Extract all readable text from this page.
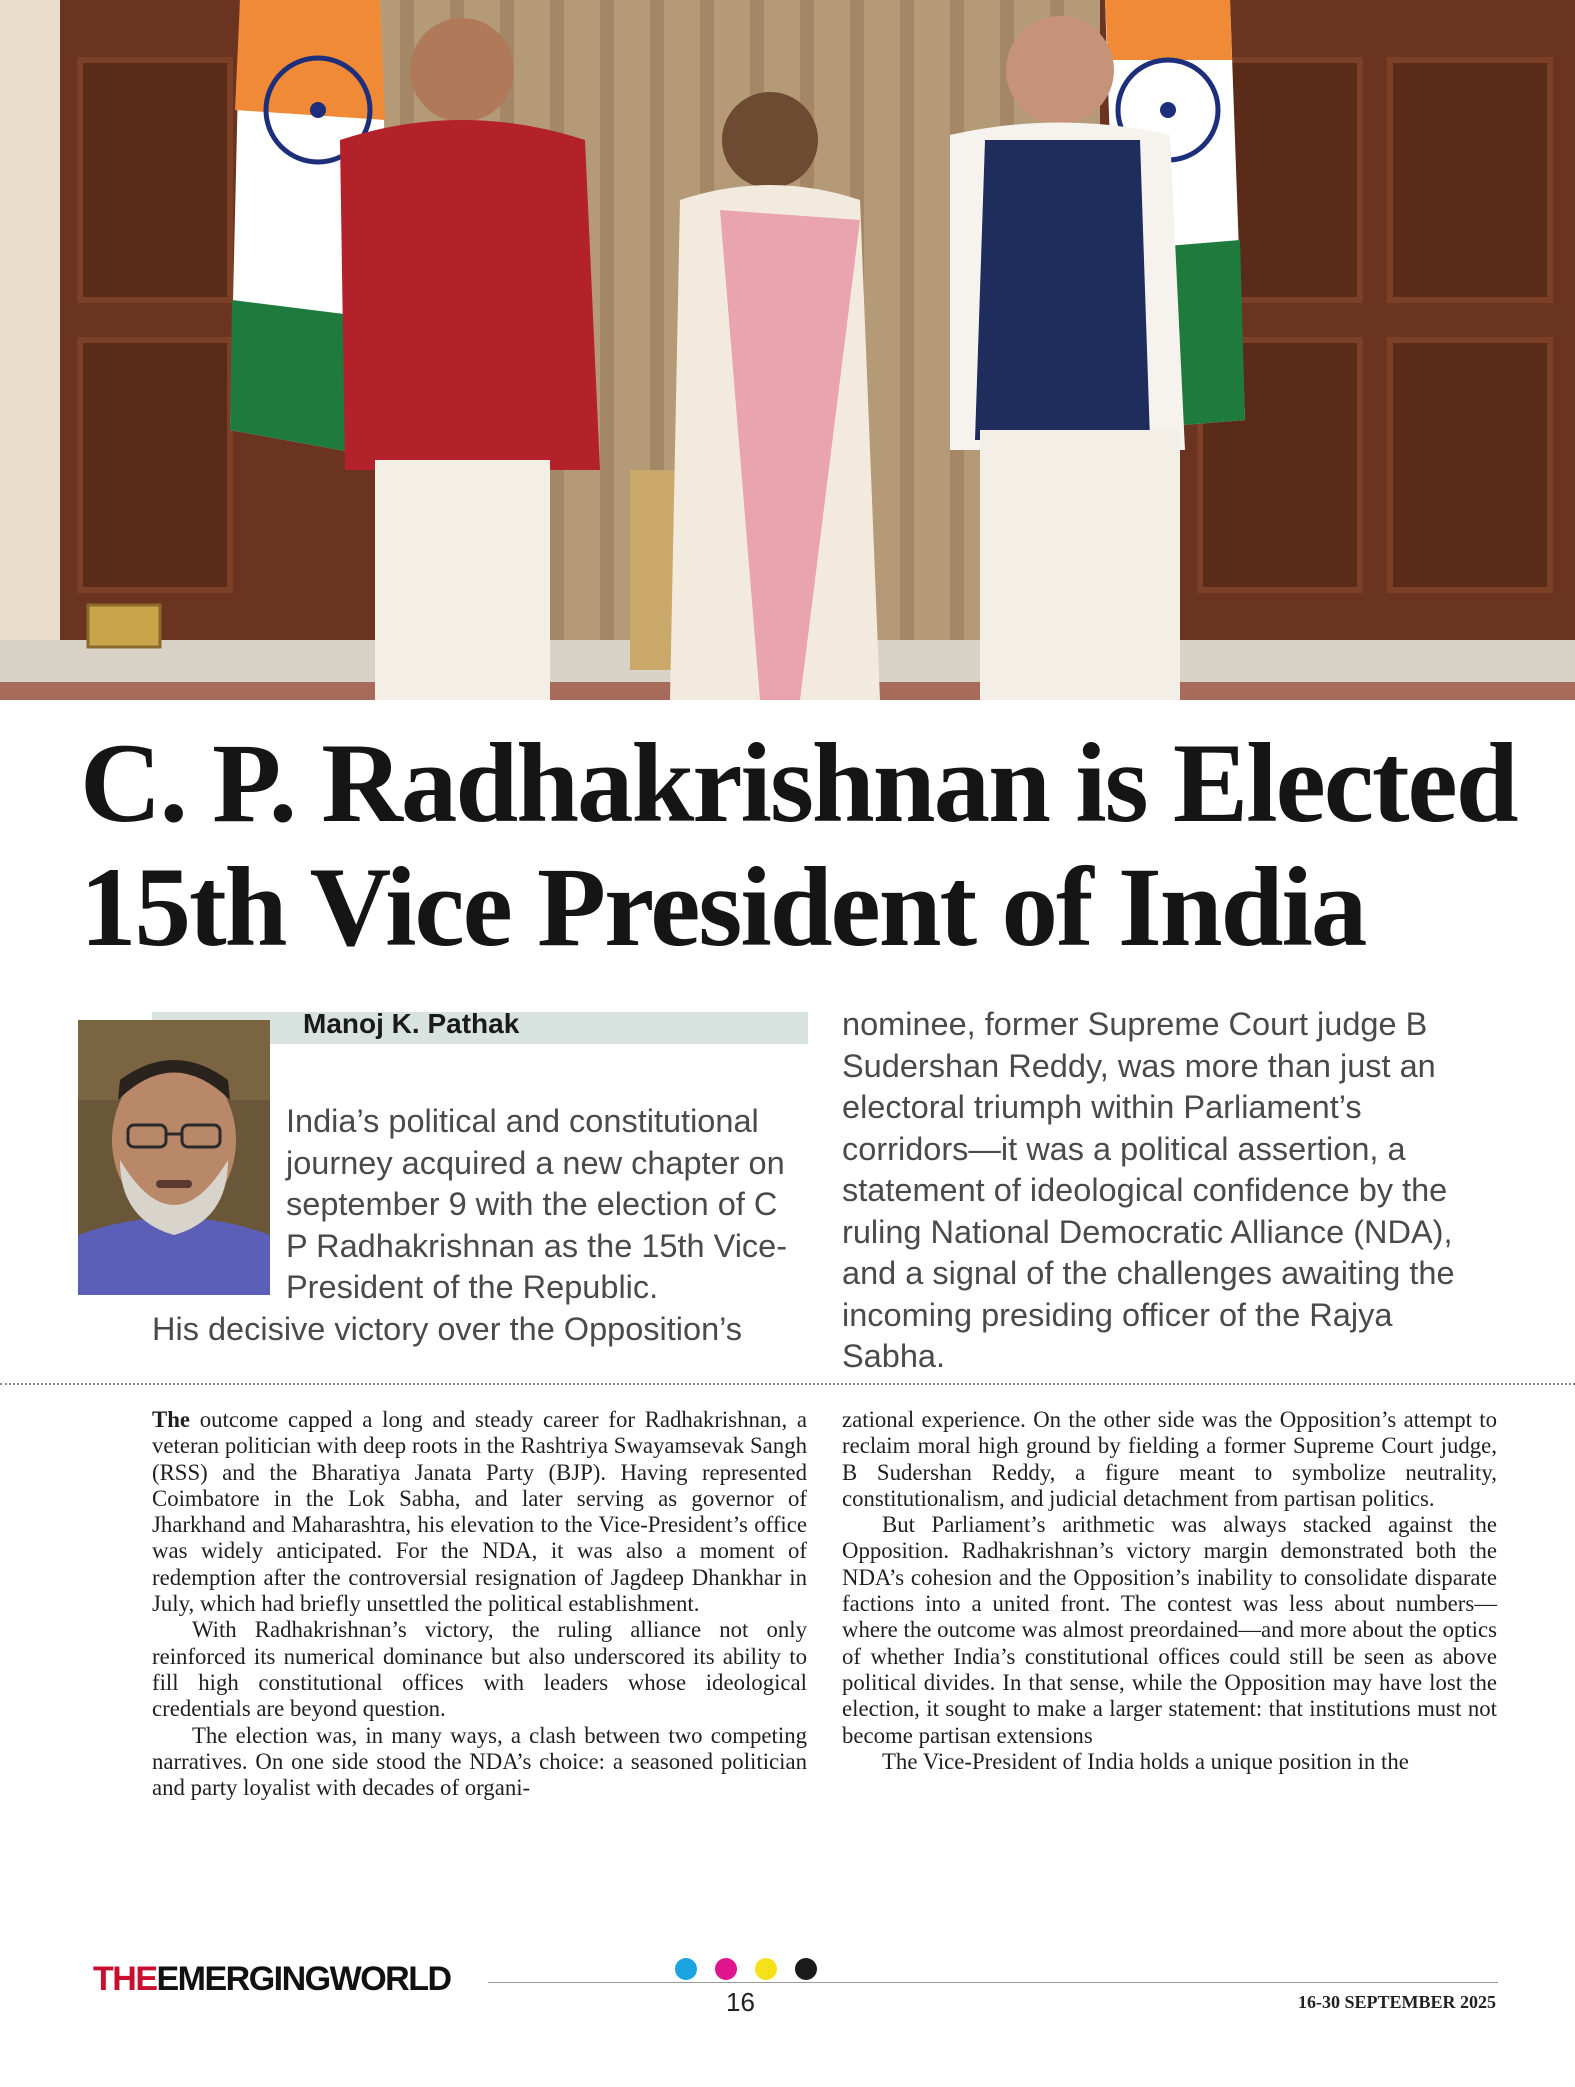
C. P. Radhakrishnan is Elected
15th Vice President of India
Manoj K. Pathak

India’s political and constitutional journey acquired a new chapter on september 9 with the election of C P Radhakrishnan as the 15th Vice-President of the Republic.

His decisive victory over the Opposition’s

nominee, former Supreme Court judge B Sudershan Reddy, was more than just an electoral triumph within Parliament’s corridors—it was a political assertion, a statement of ideological confidence by the ruling National Democratic Alliance (NDA), and a signal of the challenges awaiting the incoming presiding officer of the Rajya Sabha.

The outcome capped a long and steady career for Radhakrishnan, a veteran politician with deep roots in the Rashtriya Swayamsevak Sangh (RSS) and the Bharatiya Janata Party (BJP). Having represented Coimbatore in the Lok Sabha, and later serving as governor of Jharkhand and Maharashtra, his elevation to the Vice-President’s office was widely anticipated. For the NDA, it was also a moment of redemption after the controversial resignation of Jagdeep Dhankhar in July, which had briefly unsettled the political establishment.

With Radhakrishnan’s victory, the ruling alliance not only reinforced its numerical dominance but also underscored its ability to fill high constitutional offices with leaders whose ideological credentials are beyond question.

The election was, in many ways, a clash between two competing narratives. On one side stood the NDA’s choice: a seasoned politician and party loyalist with decades of organi-

zational experience. On the other side was the Opposition’s attempt to reclaim moral high ground by fielding a former Supreme Court judge, B Sudershan Reddy, a figure meant to symbolize neutrality, constitutionalism, and judicial detachment from partisan politics.

But Parliament’s arithmetic was always stacked against the Opposition. Radhakrishnan’s victory margin demonstrated both the NDA’s cohesion and the Opposition’s inability to consolidate disparate factions into a united front. The contest was less about numbers—where the outcome was almost preordained—and more about the optics of whether India’s constitutional offices could still be seen as above political divides. In that sense, while the Opposition may have lost the election, it sought to make a larger statement: that institutions must not become partisan extensions

The Vice-President of India holds a unique position in the

THEEMERGINGWORLD
16	16-30 SEPTEMBER 2025
